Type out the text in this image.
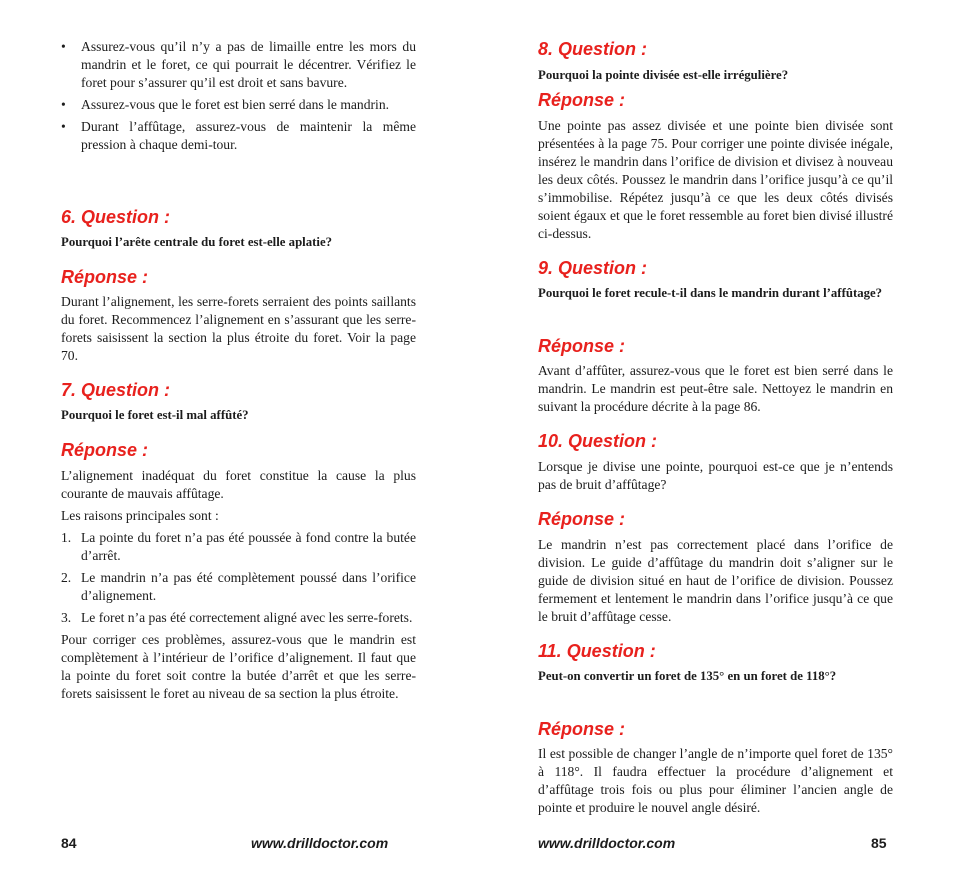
• Assurez-vous qu’il n’y a pas de limaille entre les mors du mandrin et le foret, ce qui pourrait le décentrer. Vérifiez le foret pour s’assurer qu’il est droit et sans bavure.
• Assurez-vous que le foret est bien serré dans le mandrin.
• Durant l’affûtage, assurez-vous de maintenir la même pression à chaque demi-tour.

6. Question :

Pourquoi l’arête centrale du foret est-elle aplatie?

Réponse :

Durant l’alignement, les serre-forets serraient des points saillants du foret. Recommencez l’alignement en s’assurant que les serre-forets saisissent la section la plus étroite du foret. Voir la page 70.

7. Question :

Pourquoi le foret est-il mal affûté?

Réponse :

L’alignement inadéquat du foret constitue la cause la plus courante de mauvais affûtage.

Les raisons principales sont :

1. La pointe du foret n’a pas été poussée à fond contre la butée d’arrêt.
2. Le mandrin n’a pas été complètement poussé dans l’orifice d’alignement.
3. Le foret n’a pas été correctement aligné avec les serre-forets.

Pour corriger ces problèmes, assurez-vous que le mandrin est complètement à l’intérieur de l’orifice d’alignement. Il faut que la pointe du foret soit contre la butée d’arrêt et que les serre-forets saisissent le foret au niveau de sa section la plus étroite.

84	www.drilldoctor.com

8. Question :

Pourquoi la pointe divisée est-elle irrégulière?

Réponse :

Une pointe pas assez divisée et une pointe bien divisée sont présentées à la page 75. Pour corriger une pointe divisée inégale, insérez le mandrin dans l’orifice de division et divisez à nouveau les deux côtés. Poussez le mandrin dans l’orifice jusqu’à ce qu’il s’immobilise. Répétez jusqu’à ce que les deux côtés divisés soient égaux et que le foret ressemble au foret bien divisé illustré ci-dessus.

9. Question :

Pourquoi le foret recule-t-il dans le mandrin durant l’affûtage?

Réponse :

Avant d’affûter, assurez-vous que le foret est bien serré dans le mandrin. Le mandrin est peut-être sale. Nettoyez le mandrin en suivant la procédure décrite à la page 86.

10. Question :

Lorsque je divise une pointe, pourquoi est-ce que je n’entends pas de bruit d’affûtage?

Réponse :

Le mandrin n’est pas correctement placé dans l’orifice de division. Le guide d’affûtage du mandrin doit s’aligner sur le guide de division situé en haut de l’orifice de division. Poussez fermement et lentement le mandrin dans l’orifice jusqu’à ce que le bruit d’affûtage cesse.

11. Question :

Peut-on convertir un foret de 135° en un foret de 118°?

Réponse :

Il est possible de changer l’angle de n’importe quel foret de 135° à 118°. Il faudra effectuer la procédure d’alignement et d’affûtage trois fois ou plus pour éliminer l’ancien angle de pointe et produire le nouvel angle désiré.

www.drilldoctor.com	85
